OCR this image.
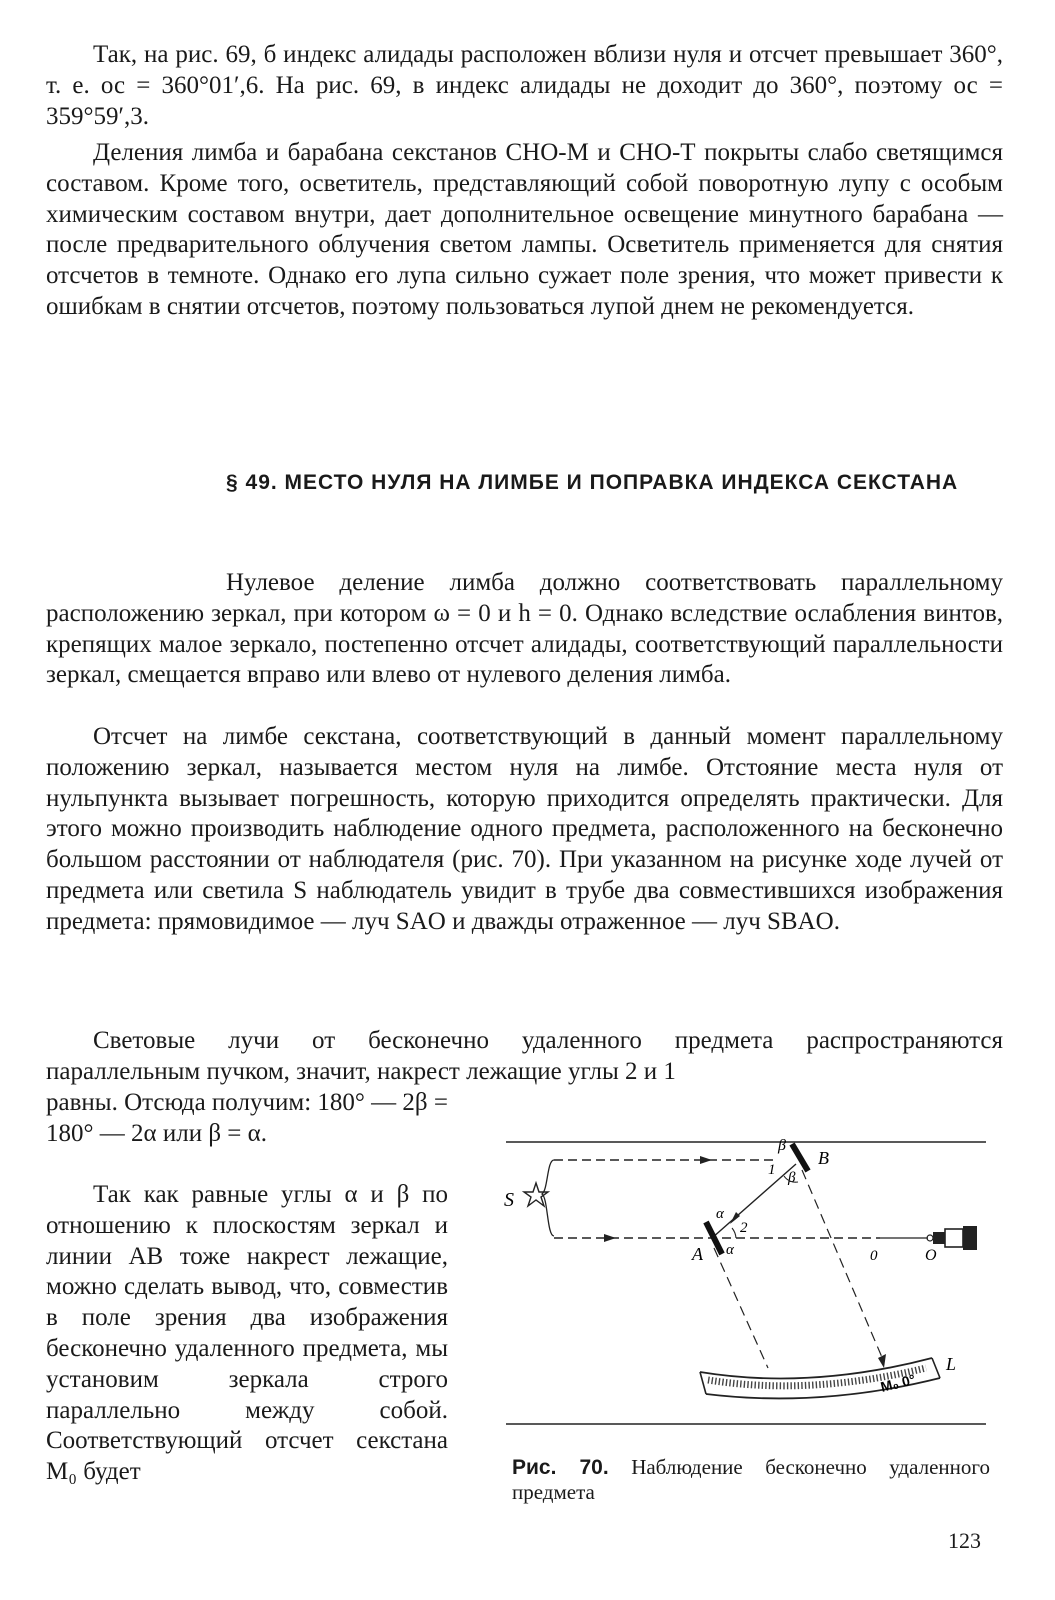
Так, на рис. 69, б индекс алидады расположен вблизи нуля и отсчет превышает 360°, т. е. ос = 360°01′,6. На рис. 69, в индекс алидады не доходит до 360°, поэтому ос = 359°59′,3.

Деления лимба и барабана секстанов СНО-М и СНО-Т покрыты слабо светящимся составом. Кроме того, осветитель, представляющий собой поворотную лупу с особым химическим составом внутри, дает дополнительное освещение минутного барабана — после предварительного облучения светом лампы. Осветитель применяется для снятия отсчетов в темноте. Однако его лупа сильно сужает поле зрения, что может привести к ошибкам в снятии отсчетов, поэтому пользоваться лупой днем не рекомендуется.

§ 49. МЕСТО НУЛЯ НА ЛИМБЕ И ПОПРАВКА ИНДЕКСА СЕКСТАНА

Нулевое деление лимба должно соответствовать параллельному расположению зеркал, при котором ω = 0 и h = 0. Однако вследствие ослабления винтов, крепящих малое зеркало, постепенно отсчет алидады, соответствующий параллельности зеркал, смещается вправо или влево от нулевого деления лимба.

Отсчет на лимбе секстана, соответствующий в данный момент параллельному положению зеркал, называется местом нуля на лимбе. Отстояние места нуля от нульпункта вызывает погрешность, которую приходится определять практически. Для этого можно производить наблюдение одного предмета, расположенного на бесконечно большом расстоянии от наблюдателя (рис. 70). При указанном на рисунке ходе лучей от предмета или светила S наблюдатель увидит в трубе два совместившихся изображения предмета: прямовидимое — луч SAO и дважды отраженное — луч SBAO.

Световые лучи от бесконечно удаленного предмета распространяются параллельным пучком, значит, накрест лежащие углы 2 и 1

равны. Отсюда получим: 180° — 2β = 180° — 2α или β = α.

Так как равные углы α и β по отношению к плоскостям зеркал и линии AB тоже накрест лежащие, можно сделать вывод, что, совместив в поле зрения два изображения бесконечно удаленного предмета, мы установим зеркала строго параллельно между собой. Соответствующий отсчет секстана M₀ будет

S
B
β
1 β
A
α
2
α	O
0
M₀ 0°
L

Рис. 70. Наблюдение бесконечно удаленного предмета

123
